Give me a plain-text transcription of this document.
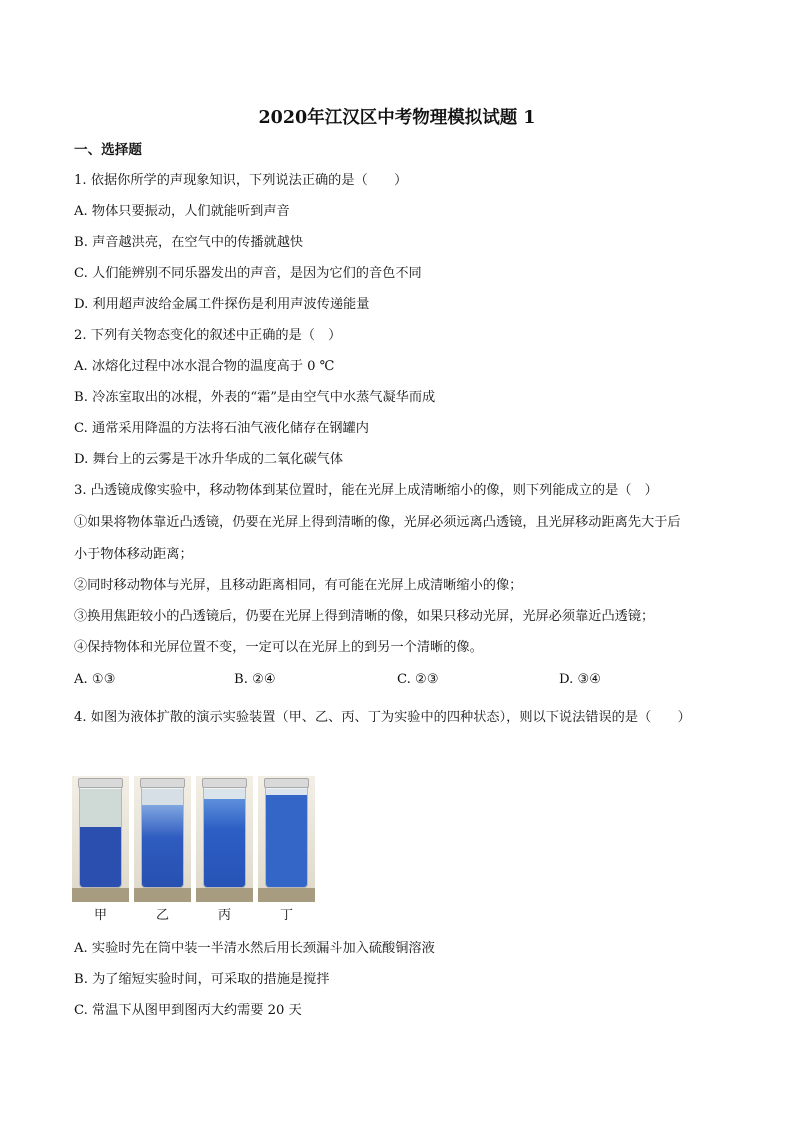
2020年江汉区中考物理模拟试题 1
一、选择题
1. 依据你所学的声现象知识，下列说法正确的是（　　）
A. 物体只要振动，人们就能听到声音
B. 声音越洪亮，在空气中的传播就越快
C. 人们能辨别不同乐器发出的声音，是因为它们的音色不同
D. 利用超声波给金属工件探伤是利用声波传递能量
2. 下列有关物态变化的叙述中正确的是（　）
A. 冰熔化过程中冰水混合物的温度高于 0 ℃
B. 冷冻室取出的冰棍，外表的“霜”是由空气中水蒸气凝华而成
C. 通常采用降温的方法将石油气液化储存在钢罐内
D. 舞台上的云雾是干冰升华成的二氧化碳气体
3. 凸透镜成像实验中，移动物体到某位置时，能在光屏上成清晰缩小的像，则下列能成立的是（　）
①如果将物体靠近凸透镜，仍要在光屏上得到清晰的像，光屏必须远离凸透镜，且光屏移动距离先大于后
小于物体移动距离；
②同时移动物体与光屏，且移动距离相同，有可能在光屏上成清晰缩小的像；
③换用焦距较小的凸透镜后，仍要在光屏上得到清晰的像，如果只移动光屏，光屏必须靠近凸透镜；
④保持物体和光屏位置不变，一定可以在光屏上的到另一个清晰的像。
A. ①③	B. ②④	C. ②③	D. ③④
4. 如图为液体扩散的演示实验装置（甲、乙、丙、丁为实验中的四种状态），则以下说法错误的是（　　）
甲	乙	丙	丁
A. 实验时先在筒中装一半清水然后用长颈漏斗加入硫酸铜溶液
B. 为了缩短实验时间，可采取的措施是搅拌
C. 常温下从图甲到图丙大约需要 20 天
